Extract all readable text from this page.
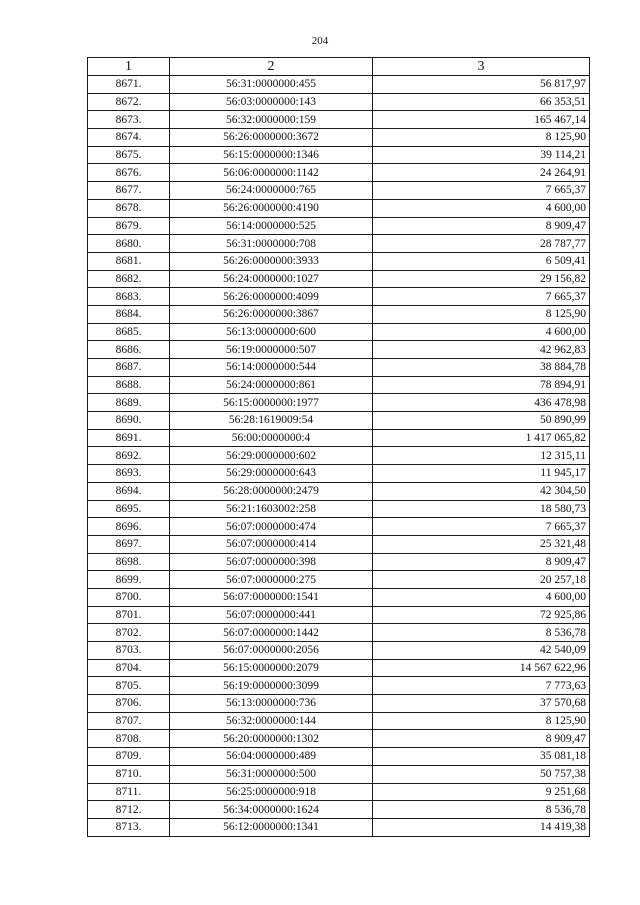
204
1	2	3
8671.	56:31:0000000:455	56 817,97
8672.	56:03:0000000:143	66 353,51
8673.	56:32:0000000:159	165 467,14
8674.	56:26:0000000:3672	8 125,90
8675.	56:15:0000000:1346	39 114,21
8676.	56:06:0000000:1142	24 264,91
8677.	56:24:0000000:765	7 665,37
8678.	56:26:0000000:4190	4 600,00
8679.	56:14:0000000:525	8 909,47
8680.	56:31:0000000:708	28 787,77
8681.	56:26:0000000:3933	6 509,41
8682.	56:24:0000000:1027	29 156,82
8683.	56:26:0000000:4099	7 665,37
8684.	56:26:0000000:3867	8 125,90
8685.	56:13:0000000:600	4 600,00
8686.	56:19:0000000:507	42 962,83
8687.	56:14:0000000:544	38 884,78
8688.	56:24:0000000:861	78 894,91
8689.	56:15:0000000:1977	436 478,98
8690.	56:28:1619009:54	50 890,99
8691.	56:00:0000000:4	1 417 065,82
8692.	56:29:0000000:602	12 315,11
8693.	56:29:0000000:643	11 945,17
8694.	56:28:0000000:2479	42 304,50
8695.	56:21:1603002:258	18 580,73
8696.	56:07:0000000:474	7 665,37
8697.	56:07:0000000:414	25 321,48
8698.	56:07:0000000:398	8 909,47
8699.	56:07:0000000:275	20 257,18
8700.	56:07:0000000:1541	4 600,00
8701.	56:07:0000000:441	72 925,86
8702.	56:07:0000000:1442	8 536,78
8703.	56:07:0000000:2056	42 540,09
8704.	56:15:0000000:2079	14 567 622,96
8705.	56:19:0000000:3099	7 773,63
8706.	56:13:0000000:736	37 570,68
8707.	56:32:0000000:144	8 125,90
8708.	56:20:0000000:1302	8 909,47
8709.	56:04:0000000:489	35 081,18
8710.	56:31:0000000:500	50 757,38
8711.	56:25:0000000:918	9 251,68
8712.	56:34:0000000:1624	8 536,78
8713.	56:12:0000000:1341	14 419,38
